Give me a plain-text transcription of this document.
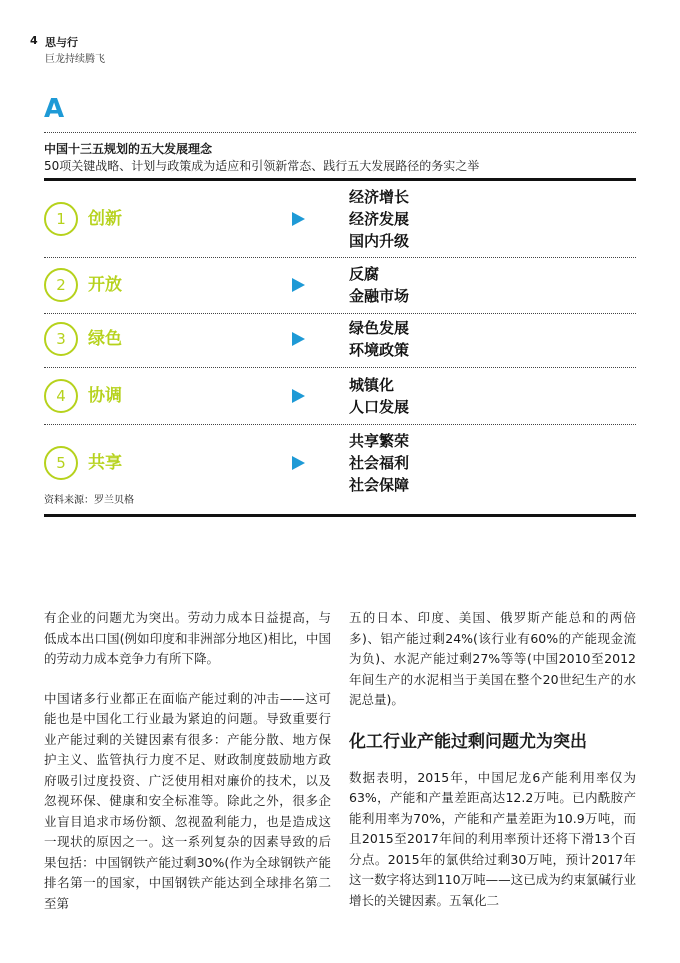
4 思与行
巨龙持续腾飞
A
中国十三五规划的五大发展理念
50项关键战略、计划与政策成为适应和引领新常态、践行五大发展路径的务实之举
1	创新
经济增长
经济发展
国内升级
2	开放
反腐
金融市场
3	绿色
绿色发展
环境政策
4	协调
城镇化
人口发展
5	共享
共享繁荣
社会福利
社会保障
资料来源：罗兰贝格

有企业的问题尤为突出。劳动力成本日益提高，与低成本出口国(例如印度和非洲部分地区)相比，中国的劳动力成本竞争力有所下降。

中国诸多行业都正在面临产能过剩的冲击——这可能也是中国化工行业最为紧迫的问题。导致重要行业产能过剩的关键因素有很多：产能分散、地方保护主义、监管执行力度不足、财政制度鼓励地方政府吸引过度投资、广泛使用相对廉价的技术，以及忽视环保、健康和安全标准等。除此之外，很多企业盲目追求市场份额、忽视盈利能力，也是造成这一现状的原因之一。这一系列复杂的因素导致的后果包括：中国钢铁产能过剩30%(作为全球钢铁产能排名第一的国家，中国钢铁产能达到全球排名第二至第

五的日本、印度、美国、俄罗斯产能总和的两倍多)、铝产能过剩24%(该行业有60%的产能现金流为负)、水泥产能过剩27%等等(中国2010至2012年间生产的水泥相当于美国在整个20世纪生产的水泥总量)。

化工行业产能过剩问题尤为突出

数据表明，2015年，中国尼龙6产能利用率仅为63%，产能和产量差距高达12.2万吨。已内酰胺产能利用率为70%，产能和产量差距为10.9万吨，而且2015至2017年间的利用率预计还将下滑13个百分点。2015年的氯供给过剩30万吨，预计2017年这一数字将达到110万吨——这已成为约束氯碱行业增长的关键因素。五氧化二
